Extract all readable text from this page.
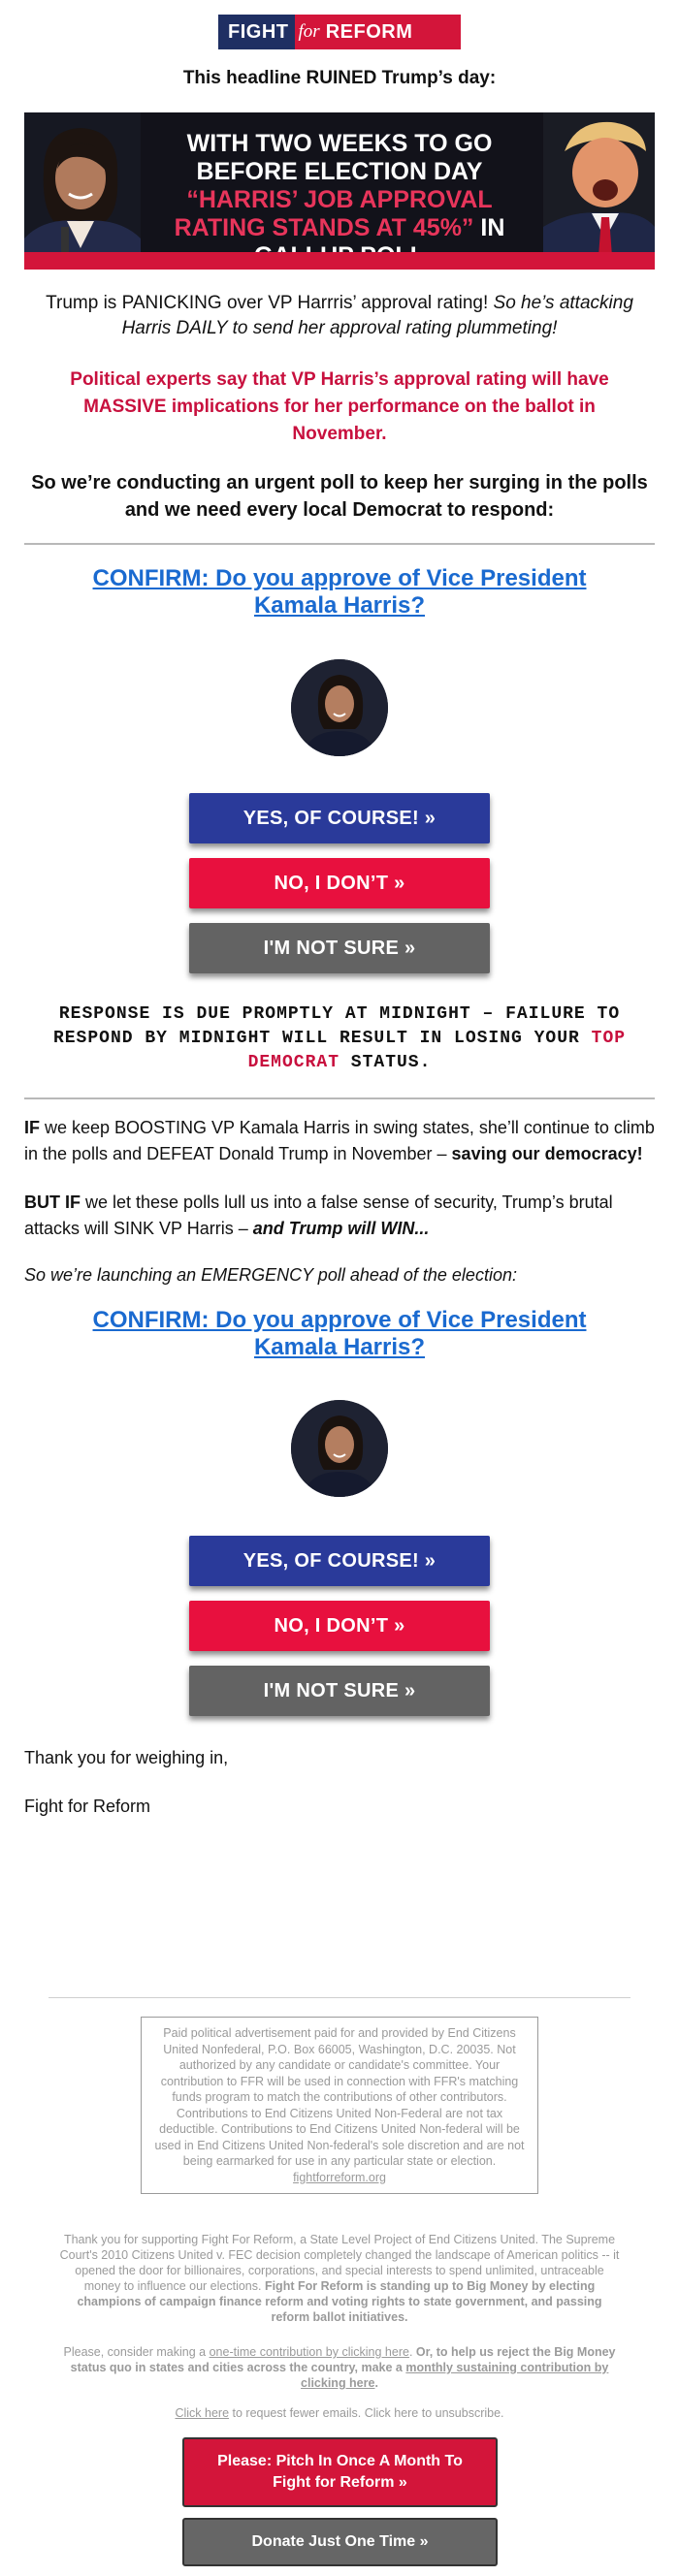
FIGHT for REFORM
This headline RUINED Trump’s day:
WITH TWO WEEKS TO GO BEFORE ELECTION DAY “HARRIS’ JOB APPROVAL RATING STANDS AT 45%” IN
Trump is PANICKING over VP Harrris’ approval rating! So he’s attacking Harris DAILY to send her approval rating plummeting!
Political experts say that VP Harris’s approval rating will have MASSIVE implications for her performance on the ballot in November.
So we’re conducting an urgent poll to keep her surging in the polls and we need every local Democrat to respond:
CONFIRM: Do you approve of Vice President Kamala Harris?
YES, OF COURSE! »
NO, I DON’T »
I'M NOT SURE »
RESPONSE IS DUE PROMPTLY AT MIDNIGHT – FAILURE TO RESPOND BY MIDNIGHT WILL RESULT IN LOSING YOUR TOP DEMOCRAT STATUS.
IF we keep BOOSTING VP Kamala Harris in swing states, she’ll continue to climb in the polls and DEFEAT Donald Trump in November – saving our democracy!
BUT IF we let these polls lull us into a false sense of security, Trump’s brutal attacks will SINK VP Harris – and Trump will WIN...
So we’re launching an EMERGENCY poll ahead of the election:
CONFIRM: Do you approve of Vice President Kamala Harris?
YES, OF COURSE! »
NO, I DON’T »
I'M NOT SURE »
Thank you for weighing in,
Fight for Reform
Paid political advertisement paid for and provided by End Citizens United Nonfederal, P.O. Box 66005, Washington, D.C. 20035. Not authorized by any candidate or candidate's committee. Your contribution to FFR will be used in connection with FFR's matching funds program to match the contributions of other contributors. Contributions to End Citizens United Non-Federal are not tax deductible. Contributions to End Citizens United Non-federal will be used in End Citizens United Non-federal's sole discretion and are not being earmarked for use in any particular state or election.
fightforreform.org
Thank you for supporting Fight For Reform, a State Level Project of End Citizens United. The Supreme Court's 2010 Citizens United v. FEC decision completely changed the landscape of American politics -- it opened the door for billionaires, corporations, and special interests to spend unlimited, untraceable money to influence our elections. Fight For Reform is standing up to Big Money by electing champions of campaign finance reform and voting rights to state government, and passing reform ballot initiatives.
Please, consider making a one-time contribution by clicking here. Or, to help us reject the Big Money status quo in states and cities across the country, make a monthly sustaining contribution by clicking here.
Click here to request fewer emails. Click here to unsubscribe.
Please: Pitch In Once A Month To Fight for Reform »
Donate Just One Time »
